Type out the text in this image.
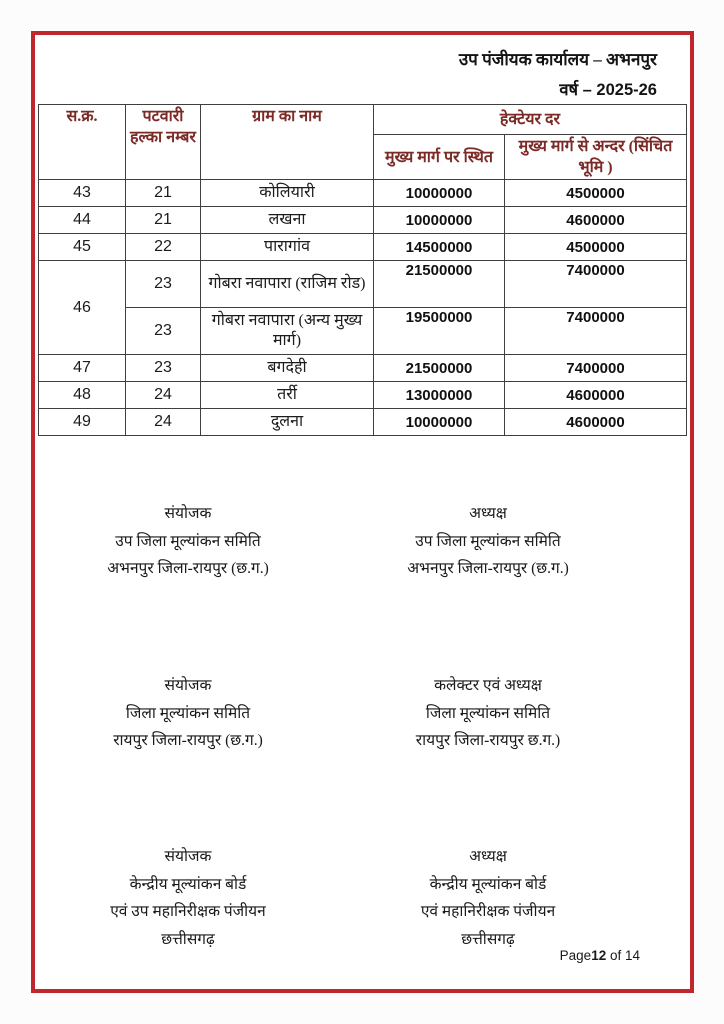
उप पंजीयक कार्यालय – अभनपुर
वर्ष – 2025-26
स.क्र.	पटवारी हल्का नम्बर	ग्राम का नाम	हेक्टेयर दर	
			मुख्य मार्ग पर स्थित	मुख्य मार्ग से अन्दर (सिंचित भूमि )
43	21	कोलियारी	10000000	4500000
44	21	लखना	10000000	4600000
45	22	पारागांव	14500000	4500000
46	23	गोबरा नवापारा (राजिम रोड)	21500000	7400000
	23	गोबरा नवापारा (अन्य मुख्य मार्ग)	19500000	7400000
47	23	बगदेही	21500000	7400000
48	24	तर्री	13000000	4600000
49	24	दुलना	10000000	4600000
संयोजक
उप जिला मूल्यांकन समिति
अभनपुर जिला-रायपुर (छ.ग.)
अध्यक्ष
उप जिला मूल्यांकन समिति
अभनपुर जिला-रायपुर (छ.ग.)
संयोजक
जिला मूल्यांकन समिति
रायपुर जिला-रायपुर (छ.ग.)
कलेक्टर एवं अध्यक्ष
जिला मूल्यांकन समिति
रायपुर जिला-रायपुर छ.ग.)
संयोजक
केन्द्रीय मूल्यांकन बोर्ड
एवं उप महानिरीक्षक पंजीयन
छत्तीसगढ़
अध्यक्ष
केन्द्रीय मूल्यांकन बोर्ड
एवं महानिरीक्षक पंजीयन
छत्तीसगढ़
Page12 of 14
